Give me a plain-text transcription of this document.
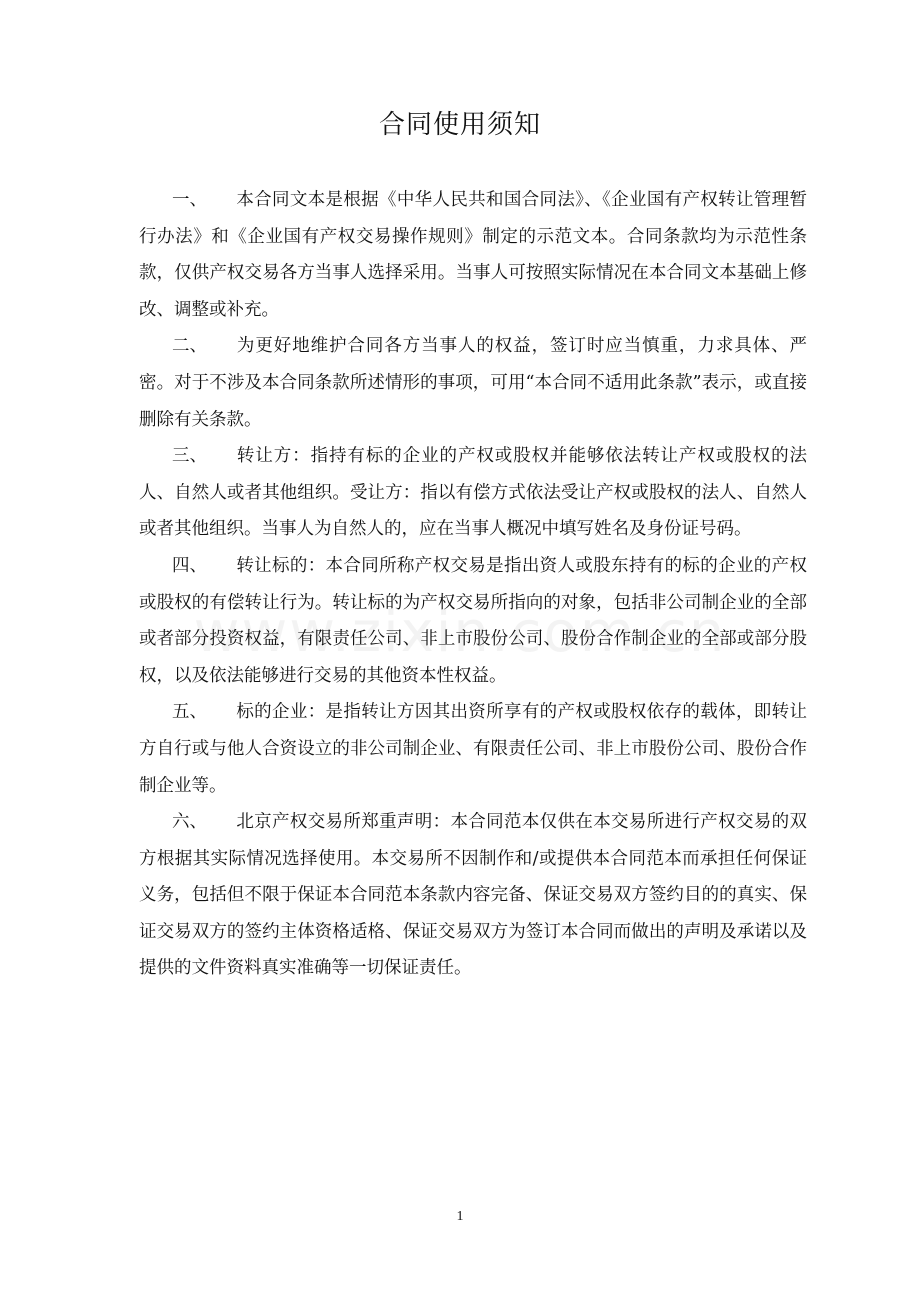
合同使用须知

一、 本合同文本是根据《中华人民共和国合同法》、《企业国有产权转让管理暂行办法》和《企业国有产权交易操作规则》制定的示范文本。合同条款均为示范性条款，仅供产权交易各方当事人选择采用。当事人可按照实际情况在本合同文本基础上修改、调整或补充。

二、 为更好地维护合同各方当事人的权益，签订时应当慎重，力求具体、严密。对于不涉及本合同条款所述情形的事项，可用“本合同不适用此条款”表示，或直接删除有关条款。

三、 转让方：指持有标的企业的产权或股权并能够依法转让产权或股权的法人、自然人或者其他组织。受让方：指以有偿方式依法受让产权或股权的法人、自然人或者其他组织。当事人为自然人的，应在当事人概况中填写姓名及身份证号码。

四、 转让标的：本合同所称产权交易是指出资人或股东持有的标的企业的产权或股权的有偿转让行为。转让标的为产权交易所指向的对象，包括非公司制企业的全部或者部分投资权益，有限责任公司、非上市股份公司、股份合作制企业的全部或部分股权，以及依法能够进行交易的其他资本性权益。

五、 标的企业：是指转让方因其出资所享有的产权或股权依存的载体，即转让方自行或与他人合资设立的非公司制企业、有限责任公司、非上市股份公司、股份合作制企业等。

六、 北京产权交易所郑重声明：本合同范本仅供在本交易所进行产权交易的双方根据其实际情况选择使用。本交易所不因制作和/或提供本合同范本而承担任何保证义务，包括但不限于保证本合同范本条款内容完备、保证交易双方签约目的的真实、保证交易双方的签约主体资格适格、保证交易双方为签订本合同而做出的声明及承诺以及提供的文件资料真实准确等一切保证责任。

1
